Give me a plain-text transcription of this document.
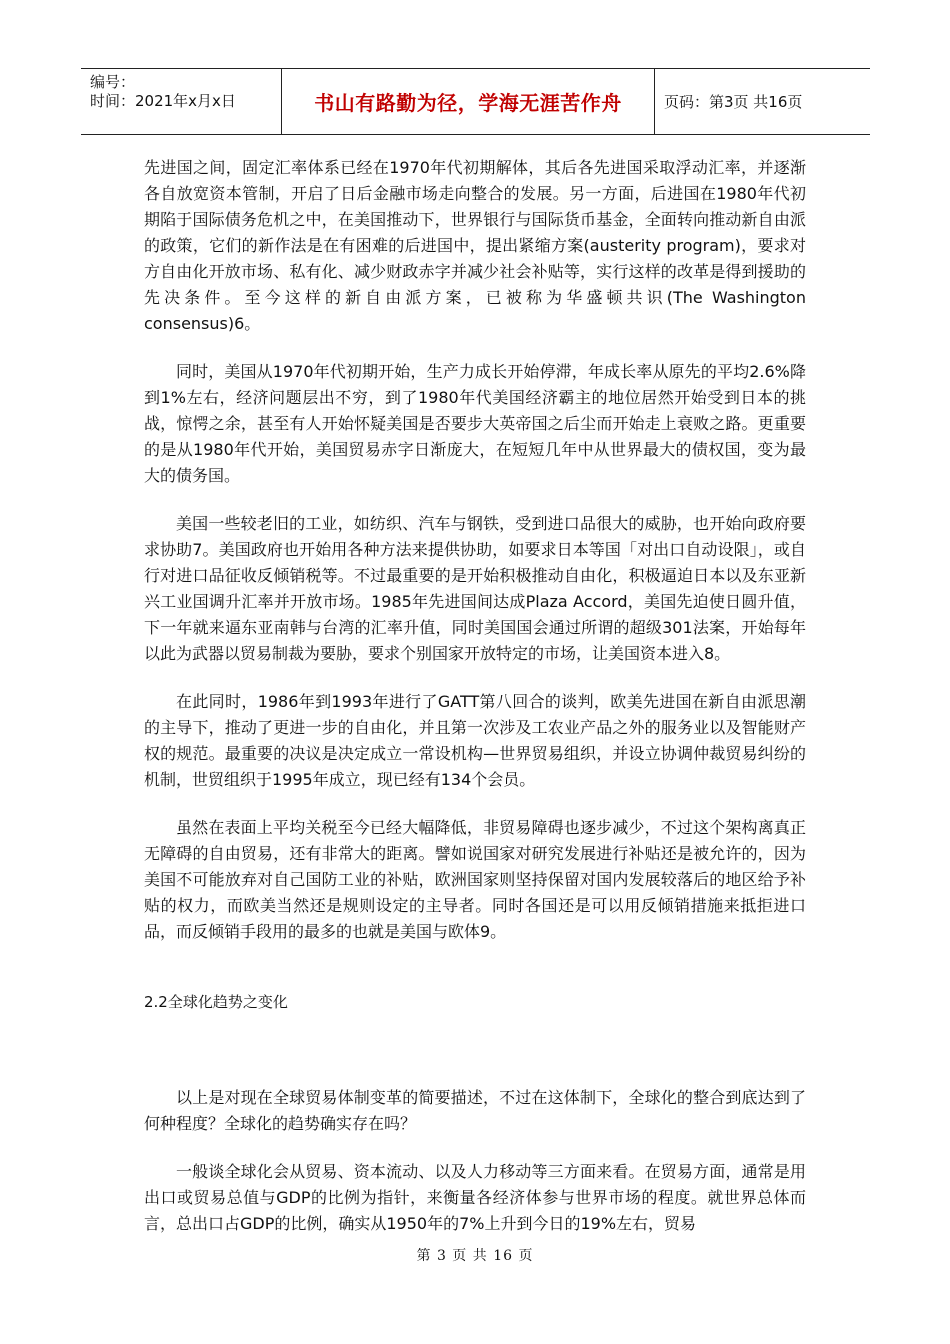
编号：
时间：2021年x月x日	书山有路勤为径，学海无涯苦作舟	页码：第3页 共16页

先进国之间，固定汇率体系已经在1970年代初期解体，其后各先进国采取浮动汇率，并逐渐各自放宽资本管制，开启了日后金融市场走向整合的发展。另一方面，后进国在1980年代初期陷于国际债务危机之中，在美国推动下，世界银行与国际货币基金，全面转向推动新自由派的政策，它们的新作法是在有困难的后进国中，提出紧缩方案(austerity program)，要求对方自由化开放市场、私有化、减少财政赤字并减少社会补贴等，实行这样的改革是得到援助的先决条件。至今这样的新自由派方案，已被称为华盛顿共识(The Washington consensus)6。

同时，美国从1970年代初期开始，生产力成长开始停滞，年成长率从原先的平均2.6%降到1%左右，经济问题层出不穷，到了1980年代美国经济霸主的地位居然开始受到日本的挑战，惊愕之余，甚至有人开始怀疑美国是否要步大英帝国之后尘而开始走上衰败之路。更重要的是从1980年代开始，美国贸易赤字日渐庞大，在短短几年中从世界最大的债权国，变为最大的债务国。

美国一些较老旧的工业，如纺织、汽车与钢铁，受到进口品很大的威胁，也开始向政府要求协助7。美国政府也开始用各种方法来提供协助，如要求日本等国「对出口自动设限」，或自行对进口品征收反倾销税等。不过最重要的是开始积极推动自由化，积极逼迫日本以及东亚新兴工业国调升汇率并开放市场。1985年先进国间达成Plaza Accord，美国先迫使日圆升值，下一年就来逼东亚南韩与台湾的汇率升值，同时美国国会通过所谓的超级301法案，开始每年以此为武器以贸易制裁为要胁，要求个别国家开放特定的市场，让美国资本进入8。

在此同时，1986年到1993年进行了GATT第八回合的谈判，欧美先进国在新自由派思潮的主导下，推动了更进一步的自由化，并且第一次涉及工农业产品之外的服务业以及智能财产权的规范。最重要的决议是决定成立一常设机构—世界贸易组织，并设立协调仲裁贸易纠纷的机制，世贸组织于1995年成立，现已经有134个会员。

虽然在表面上平均关税至今已经大幅降低，非贸易障碍也逐步减少，不过这个架构离真正无障碍的自由贸易，还有非常大的距离。譬如说国家对研究发展进行补贴还是被允许的，因为美国不可能放弃对自己国防工业的补贴，欧洲国家则坚持保留对国内发展较落后的地区给予补贴的权力，而欧美当然还是规则设定的主导者。同时各国还是可以用反倾销措施来抵拒进口品，而反倾销手段用的最多的也就是美国与欧体9。

2.2全球化趋势之变化

以上是对现在全球贸易体制变革的简要描述，不过在这体制下，全球化的整合到底达到了何种程度？全球化的趋势确实存在吗？

一般谈全球化会从贸易、资本流动、以及人力移动等三方面来看。在贸易方面，通常是用出口或贸易总值与GDP的比例为指针，来衡量各经济体参与世界市场的程度。就世界总体而言，总出口占GDP的比例，确实从1950年的7%上升到今日的19%左右，贸易

第 3 页 共 16 页
